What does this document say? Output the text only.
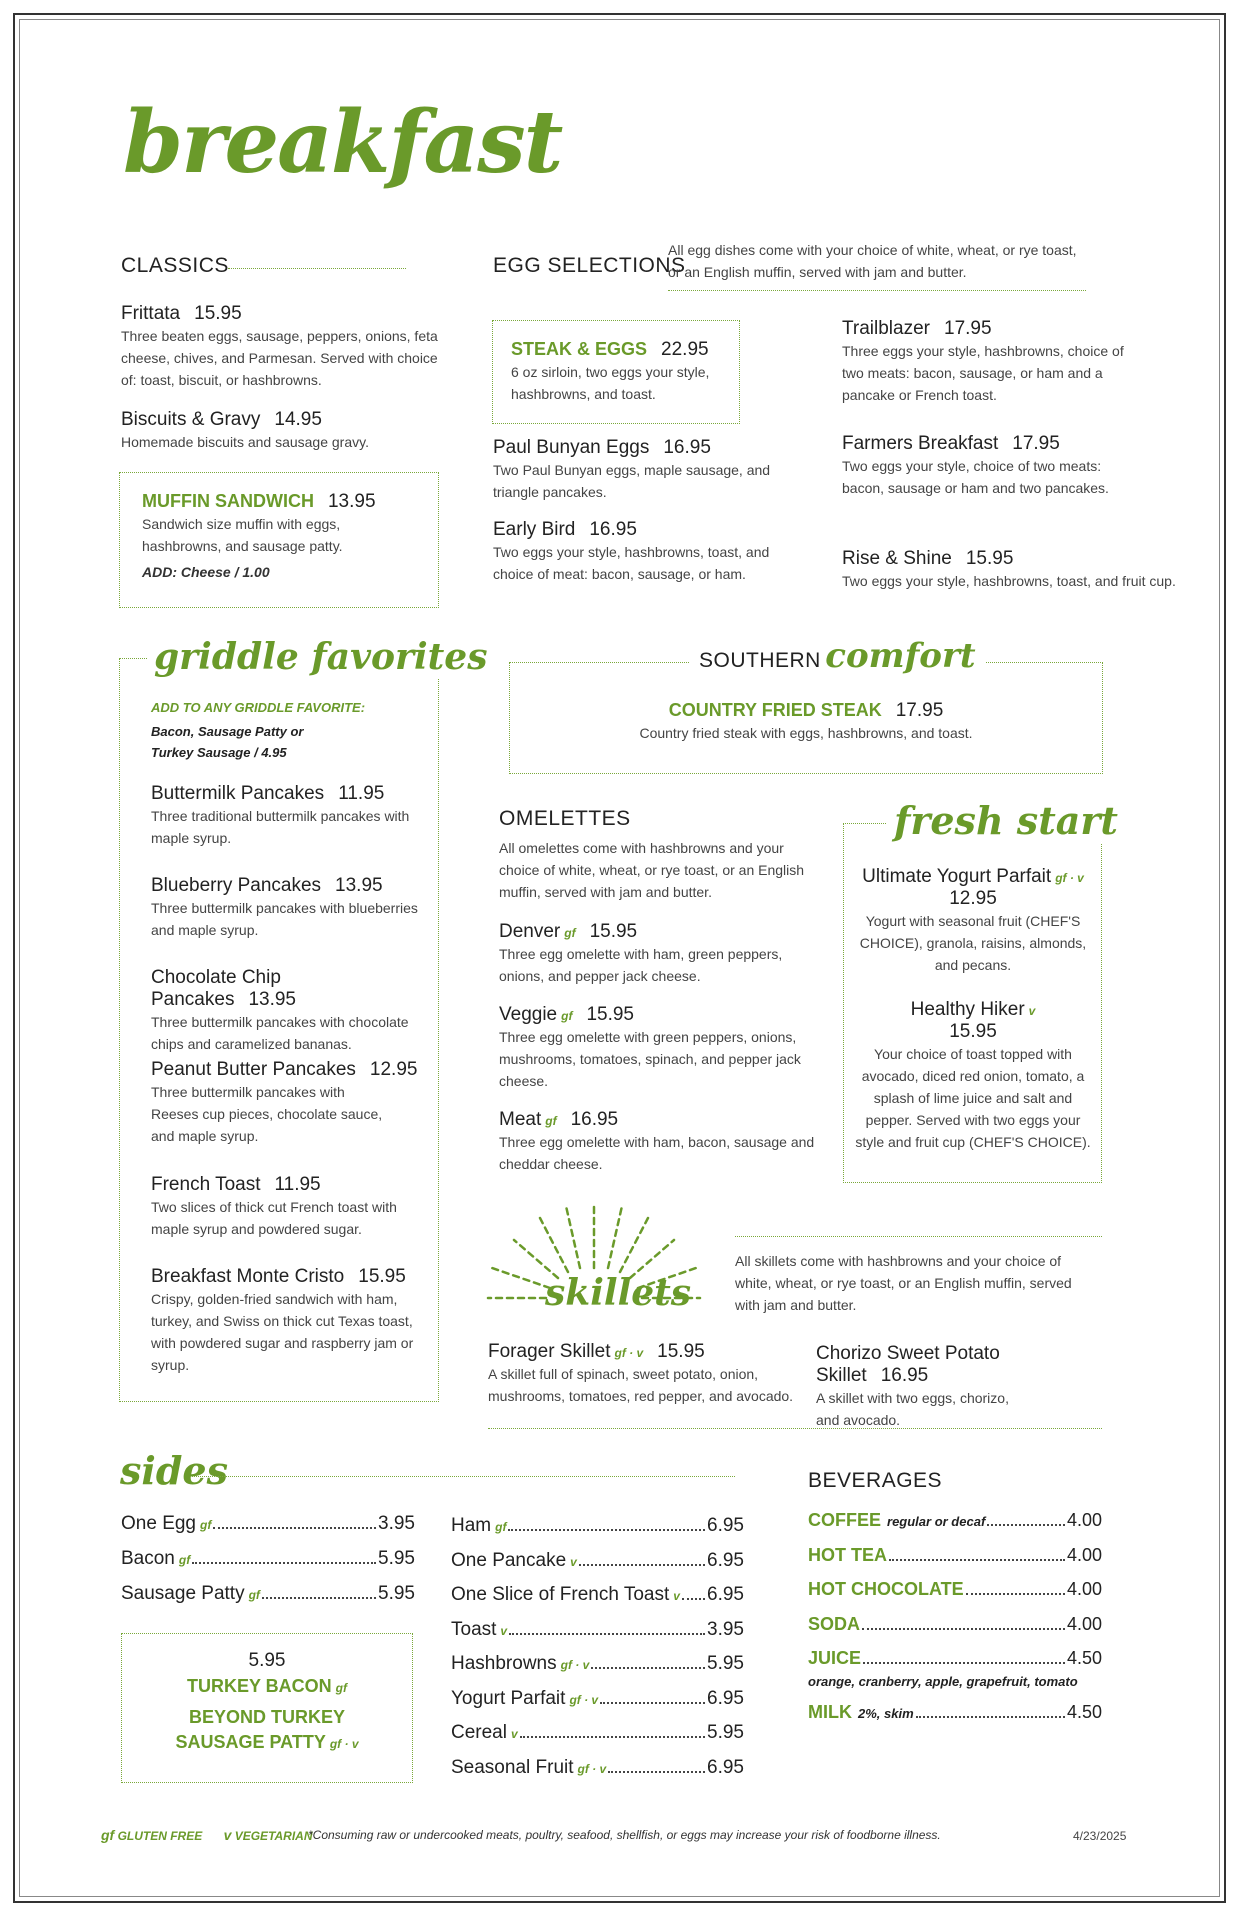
breakfast
CLASSICS
Frittata 15.95
Three beaten eggs, sausage, peppers, onions, feta cheese, chives, and Parmesan. Served with choice of: toast, biscuit, or hashbrowns.
Biscuits & Gravy 14.95
Homemade biscuits and sausage gravy.
MUFFIN SANDWICH 13.95
Sandwich size muffin with eggs, hashbrowns, and sausage patty.
ADD: Cheese / 1.00
EGG SELECTIONS
All egg dishes come with your choice of white, wheat, or rye toast, or an English muffin, served with jam and butter.
STEAK & EGGS 22.95
6 oz sirloin, two eggs your style, hashbrowns, and toast.
Paul Bunyan Eggs 16.95
Two Paul Bunyan eggs, maple sausage, and triangle pancakes.
Early Bird 16.95
Two eggs your style, hashbrowns, toast, and choice of meat: bacon, sausage, or ham.
Trailblazer 17.95
Three eggs your style, hashbrowns, choice of two meats: bacon, sausage, or ham and a pancake or French toast.
Farmers Breakfast 17.95
Two eggs your style, choice of two meats: bacon, sausage or ham and two pancakes.
Rise & Shine 15.95
Two eggs your style, hashbrowns, toast, and fruit cup.
griddle favorites
ADD TO ANY GRIDDLE FAVORITE:
Bacon, Sausage Patty or Turkey Sausage / 4.95
Buttermilk Pancakes 11.95
Three traditional buttermilk pancakes with maple syrup.
Blueberry Pancakes 13.95
Three buttermilk pancakes with blueberries and maple syrup.
Chocolate Chip Pancakes 13.95
Three buttermilk pancakes with chocolate chips and caramelized bananas.
Peanut Butter Pancakes 12.95
Three buttermilk pancakes with Reeses cup pieces, chocolate sauce, and maple syrup.
French Toast 11.95
Two slices of thick cut French toast with maple syrup and powdered sugar.
Breakfast Monte Cristo 15.95
Crispy, golden-fried sandwich with ham, turkey, and Swiss on thick cut Texas toast, with powdered sugar and raspberry jam or syrup.
SOUTHERN comfort
COUNTRY FRIED STEAK 17.95
Country fried steak with eggs, hashbrowns, and toast.
OMELETTES
All omelettes come with hashbrowns and your choice of white, wheat, or rye toast, or an English muffin, served with jam and butter.
Denver gf 15.95
Three egg omelette with ham, green peppers, onions, and pepper jack cheese.
Veggie gf 15.95
Three egg omelette with green peppers, onions, mushrooms, tomatoes, spinach, and pepper jack cheese.
Meat gf 16.95
Three egg omelette with ham, bacon, sausage and cheddar cheese.
fresh start
Ultimate Yogurt Parfait gf · v
12.95
Yogurt with seasonal fruit (CHEF'S CHOICE), granola, raisins, almonds, and pecans.
Healthy Hiker v
15.95
Your choice of toast topped with avocado, diced red onion, tomato, a splash of lime juice and salt and pepper. Served with two eggs your style and fruit cup (CHEF'S CHOICE).
skillets
All skillets come with hashbrowns and your choice of white, wheat, or rye toast, or an English muffin, served with jam and butter.
Forager Skillet gf · v 15.95
A skillet full of spinach, sweet potato, onion, mushrooms, tomatoes, red pepper, and avocado.
Chorizo Sweet Potato Skillet 16.95
A skillet with two eggs, chorizo, and avocado.
sides
One Egg gf	3.95
Bacon gf	5.95
Sausage Patty gf	5.95
5.95
TURKEY BACON gf
BEYOND TURKEY
SAUSAGE PATTY gf · v
Ham gf	6.95
One Pancake v	6.95
One Slice of French Toast v 6.95
Toast v	3.95
Hashbrowns gf · v	5.95
Yogurt Parfait gf · v	6.95
Cereal v	5.95
Seasonal Fruit gf · v	6.95
BEVERAGES
COFFEE regular or decaf	4.00
HOT TEA	4.00
HOT CHOCOLATE	4.00
SODA	4.00
JUICE	4.50
orange, cranberry, apple, grapefruit, tomato
MILK 2%, skim	4.50
gf GLUTEN FREE v VEGETARIAN
*Consuming raw or undercooked meats, poultry, seafood, shellfish, or eggs may increase your risk of foodborne illness.	4/23/2025
